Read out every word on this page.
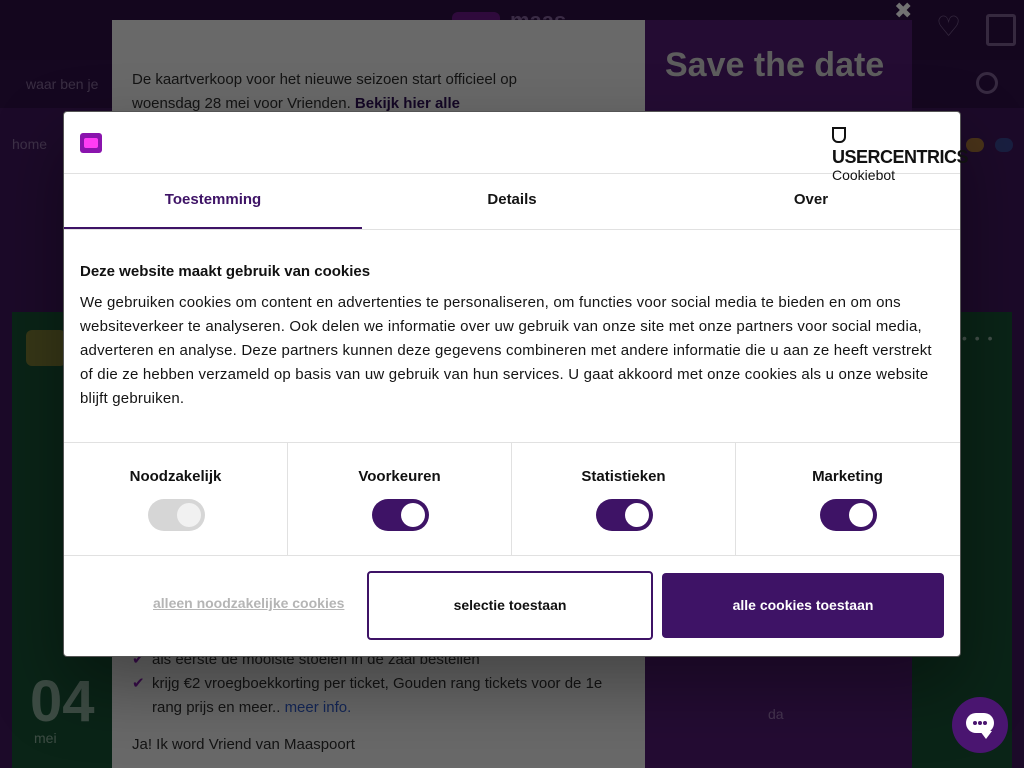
USERCENTRICS
Cookiebot
Toestemming	Details	Over
Deze website maakt gebruik van cookies
We gebruiken cookies om content en advertenties te personaliseren, om functies voor social media te bieden en om ons websiteverkeer te analyseren. Ook delen we informatie over uw gebruik van onze site met onze partners voor social media, adverteren en analyse. Deze partners kunnen deze gegevens combineren met andere informatie die u aan ze heeft verstrekt of die ze hebben verzameld op basis van uw gebruik van hun services. U gaat akkoord met onze cookies als u onze website blijft gebruiken.
Noodzakelijk	Voorkeuren	Statistieken	Marketing
alleen noodzakelijke cookies	selectie toestaan	alle cookies toestaan
